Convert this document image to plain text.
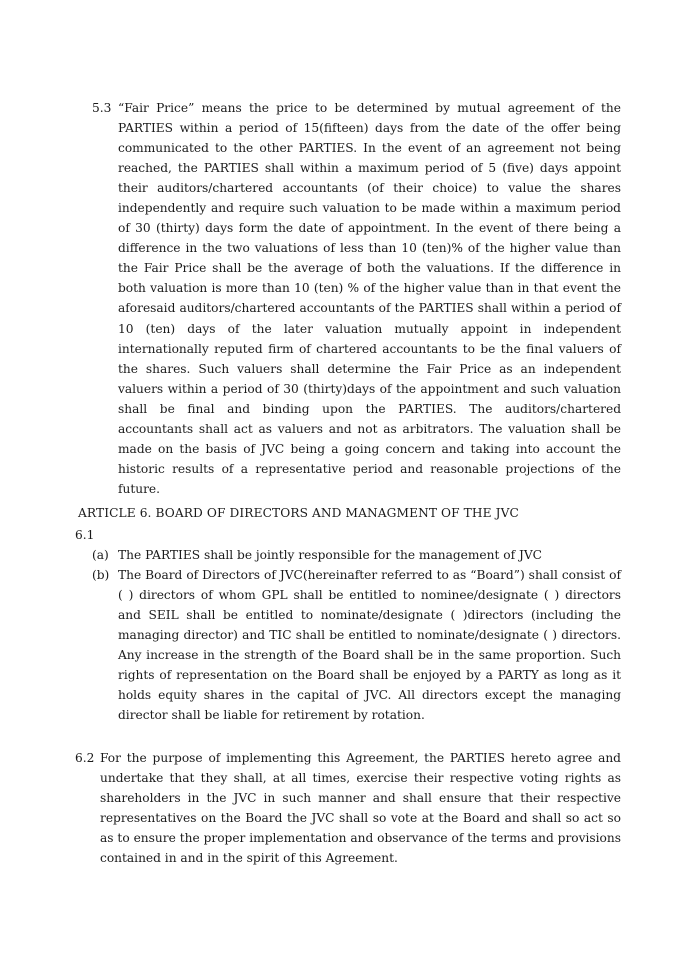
5.3 “Fair Price” means the price to be determined by mutual agreement of the PARTIES within a period of 15(fifteen) days from the date of the offer being communicated to the other PARTIES. In the event of an agreement not being reached, the PARTIES shall within a maximum period of 5 (five) days appoint their auditors/chartered accountants (of their choice) to value the shares independently and require such valuation to be made within a maximum period of 30 (thirty) days form the date of appointment. In the event of there being a difference in the two valuations of less than 10 (ten)% of the higher value than the Fair Price shall be the average of both the valuations. If the difference in both valuation is more than 10 (ten) % of the higher value than in that event the aforesaid auditors/chartered accountants of the PARTIES shall within a period of 10 (ten) days of the later valuation mutually appoint in independent internationally reputed firm of chartered accountants to be the final valuers of the shares. Such valuers shall determine the Fair Price as an independent valuers within a period of 30 (thirty)days of the appointment and such valuation shall be final and binding upon the PARTIES. The auditors/chartered accountants shall act as valuers and not as arbitrators. The valuation shall be made on the basis of JVC being a going concern and taking into account the historic results of a representative period and reasonable projections of the future.
ARTICLE 6. BOARD OF DIRECTORS AND MANAGMENT OF THE JVC
6.1
(a) The PARTIES shall be jointly responsible for the management of JVC
(b) The Board of Directors of JVC(hereinafter referred to as “Board”) shall consist of ( ) directors of whom GPL shall be entitled to nominee/designate ( ) directors and SEIL shall be entitled to nominate/designate ( )directors (including the managing director) and TIC shall be entitled to nominate/designate ( ) directors. Any increase in the strength of the Board shall be in the same proportion. Such rights of representation on the Board shall be enjoyed by a PARTY as long as it holds equity shares in the capital of JVC. All directors except the managing director shall be liable for retirement by rotation.
6.2 For the purpose of implementing this Agreement, the PARTIES hereto agree and undertake that they shall, at all times, exercise their respective voting rights as shareholders in the JVC in such manner and shall ensure that their respective representatives on the Board the JVC shall so vote at the Board and shall so act so as to ensure the proper implementation and observance of the terms and provisions contained in and in the spirit of this Agreement.
